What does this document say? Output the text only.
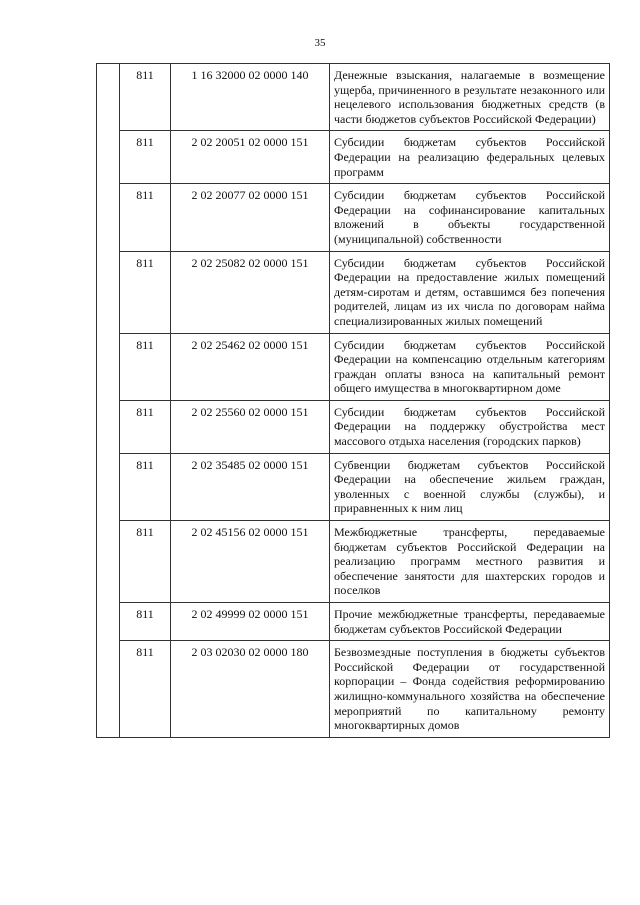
35
	811	1 16 32000 02 0000 140	Денежные взыскания, налагаемые в возмещение ущерба, причиненного в результате незаконного или нецелевого использования бюджетных средств (в части бюджетов субъектов Российской Федерации)
	811	2 02 20051 02 0000 151	Субсидии бюджетам субъектов Российской Федерации на реализацию федеральных целевых программ
	811	2 02 20077 02 0000 151	Субсидии бюджетам субъектов Российской Федерации на софинансирование капитальных вложений в объекты государственной (муниципальной) собственности
	811	2 02 25082 02 0000 151	Субсидии бюджетам субъектов Российской Федерации на предоставление жилых помещений детям-сиротам и детям, оставшимся без попечения родителей, лицам из их числа по договорам найма специализированных жилых помещений
	811	2 02 25462 02 0000 151	Субсидии бюджетам субъектов Российской Федерации на компенсацию отдельным категориям граждан оплаты взноса на капитальный ремонт общего имущества в многоквартирном доме
	811	2 02 25560 02 0000 151	Субсидии бюджетам субъектов Российской Федерации на поддержку обустройства мест массового отдыха населения (городских парков)
	811	2 02 35485 02 0000 151	Субвенции бюджетам субъектов Российской Федерации на обеспечение жильем граждан, уволенных с военной службы (службы), и приравненных к ним лиц
	811	2 02 45156 02 0000 151	Межбюджетные трансферты, передаваемые бюджетам субъектов Российской Федерации на реализацию программ местного развития и обеспечение занятости для шахтерских городов и поселков
	811	2 02 49999 02 0000 151	Прочие межбюджетные трансферты, передаваемые бюджетам субъектов Российской Федерации
	811	2 03 02030 02 0000 180	Безвозмездные поступления в бюджеты субъектов Российской Федерации от государственной корпорации – Фонда содействия реформированию жилищно-коммунального хозяйства на обеспечение мероприятий по капитальному ремонту многоквартирных домов
